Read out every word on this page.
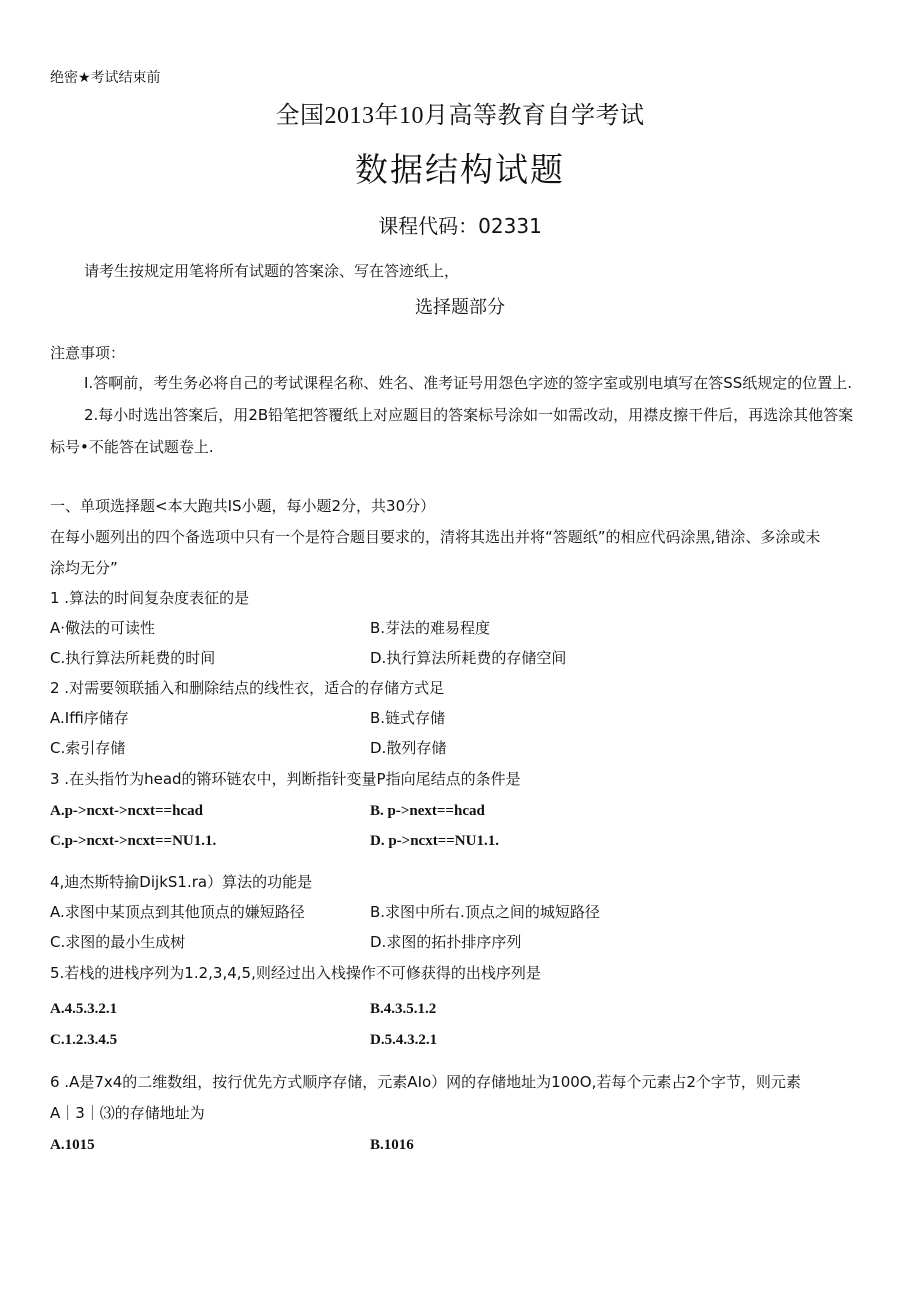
绝密★考试结束前
全国2013年10月高等教育自学考试
数据结构试题
课程代码：02331
请考生按规定用笔将所有试题的答案涂、写在答迹纸上，
选择题部分
注意事项：
I.答啊前，考生务必将自己的考试课程名称、姓名、准考证号用怨色字迹的签字室或别电填写在答SS纸规定的位置上.
2.每小时选出答案后，用2B铅笔把答覆纸上对应题目的答案标号涂如一如需改动，用襟皮擦干件后，再选涂其他答案
标号•不能答在试题卷上.
一、单项选择题<本大跑共IS小题，每小题2分，共30分）
在每小题列出的四个备选项中只有一个是符合题目要求的，清将其选出并将“答题纸”的相应代码涂黑,错涂、多涂或未
涂均无分”
1 .算法的时间复杂度表征的是
A·儆法的可读性	B.芽法的难易程度
C.执行算法所耗费的时间	D.执行算法所耗费的存储空间
2 .对需要领联插入和删除结点的线性衣，适合的存储方式足
A.Iffi序储存	B.链式存储
C.索引存储	D.散列存储
3 .在头指竹为head的锵环链农中，判断指针变量P指向尾结点的条件是
A.p->ncxt->ncxt==hcad	B. p->next==hcad
C.p->ncxt->ncxt==NU1.1.	D. p->ncxt==NU1.1.
4,迪杰斯特揄DijkS1.ra）算法的功能是
A.求图中某顶点到其他顶点的嫌短路径	B.求图中所右.顶点之间的城短路径
C.求图的最小生成树	D.求图的拓扑排序序列
5.若栈的进栈序列为1.2,3,4,5,则经过出入栈操作不可修获得的出栈序列是
A.4.5.3.2.1	B.4.3.5.1.2
C.1.2.3.4.5	D.5.4.3.2.1
6 .A是7x4的二维数组，按行优先方式顺序存储，元素AIo）网的存储地址为100O,若每个元素占2个字节，则元素
A｜3｜⑶的存储地址为
A.1015	B.1016
